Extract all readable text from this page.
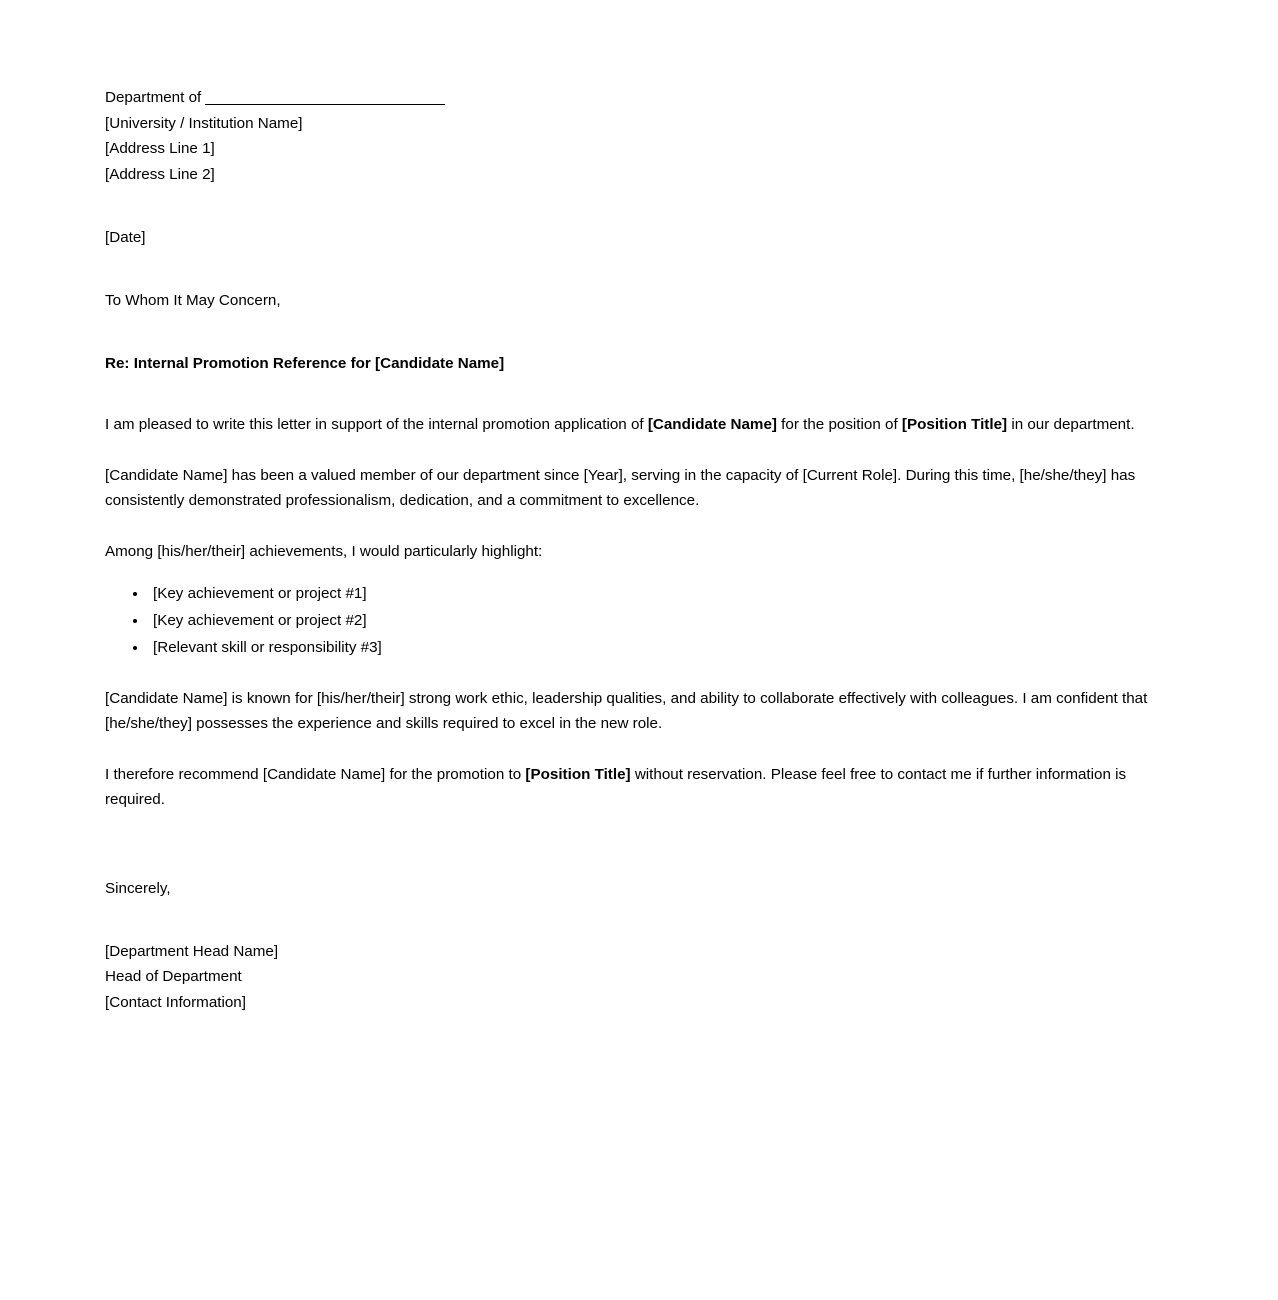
Department of
[University / Institution Name]
[Address Line 1]
[Address Line 2]
[Date]
To Whom It May Concern,
Re: Internal Promotion Reference for [Candidate Name]

I am pleased to write this letter in support of the internal promotion application of [Candidate Name] for the position of [Position Title] in our department.

[Candidate Name] has been a valued member of our department since [Year], serving in the capacity of [Current Role]. During this time, [he/she/they] has consistently demonstrated professionalism, dedication, and a commitment to excellence.

Among [his/her/their] achievements, I would particularly highlight:

• [Key achievement or project #1]
• [Key achievement or project #2]
• [Relevant skill or responsibility #3]

[Candidate Name] is known for [his/her/their] strong work ethic, leadership qualities, and ability to collaborate effectively with colleagues. I am confident that [he/she/they] possesses the experience and skills required to excel in the new role.

I therefore recommend [Candidate Name] for the promotion to [Position Title] without reservation. Please feel free to contact me if further information is required.

Sincerely,
[Department Head Name]
Head of Department
[Contact Information]
